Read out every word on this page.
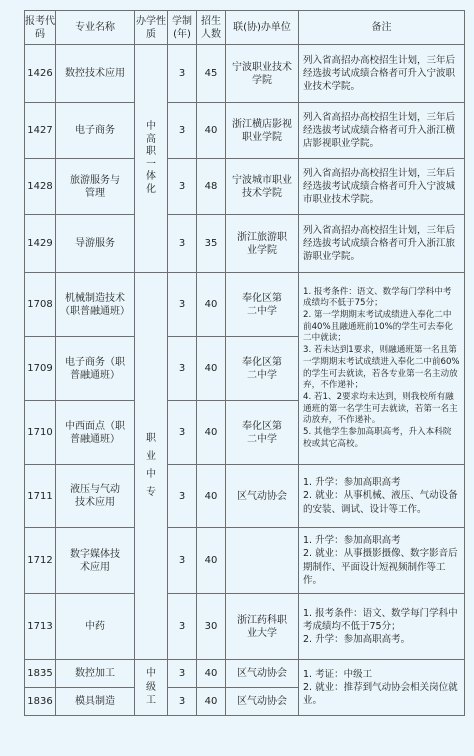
报考代码	专业名称	办学性质	学制(年)	招生人数	联(协)办单位	备注
1426	数控技术应用	中高职一体化	3	45	宁波职业技术学院	列入省高招办高校招生计划，三年后经选拔考试成绩合格者可升入宁波职业技术学院。
1427	电子商务		3	40	浙江横店影视职业学院	列入省高招办高校招生计划，三年后经选拔考试成绩合格者可升入浙江横店影视职业学院。
1428	旅游服务与管理		3	48	宁波城市职业技术学院	列入省高招办高校招生计划，三年后经选拔考试成绩合格者可升入宁波城市职业技术学院。
1429	导游服务		3	35	浙江旅游职业学院	列入省高招办高校招生计划，三年后经选拔考试成绩合格者可升入浙江旅游职业学院。
1708	机械制造技术（职普融通班）	职业中专	3	40	奉化区第二中学	1. 报考条件：语文、数学每门学科中考成绩均不低于75分；
2. 第一学期期末考试成绩进入奉化二中前40%且融通班前10%的学生可去奉化二中就读；
3. 若未达到1要求，则融通班第一名且第一学期期末考试成绩进入奉化二中前60%的学生可去就读，若各专业第一名主动放弃，不作递补；
4. 若1、2要求均未达到，则我校所有融通班的第一名学生可去就读，若第一名主动放弃，不作递补。
5. 其他学生参加高职高考，升入本科院校或其它高校。
1709	电子商务（职普融通班）		3	40	奉化区第二中学	

1710	中西面点（职普融通班）		3	40	奉化区第二中学	

1711	液压与气动技术应用		3	40	区气动协会	1. 升学：参加高职高考
2. 就业：从事机械、液压、气动设备的安装、调试、设计等工作。
1712	数字媒体技术应用		3	40		1. 升学：参加高职高考
2. 就业：从事摄影摄像、数字影音后期制作、平面设计短视频制作等工作。
1713	中药		3	30	浙江药科职业大学	1. 报考条件：语文、数学每门学科中考成绩均不低于75分；
2. 升学：参加高职高考。
1835	数控加工	中级工	3	40	区气动协会	1. 考证：中级工
2. 就业：推荐到气动协会相关岗位就业。
1836	模具制造		3	40	区气动协会	
